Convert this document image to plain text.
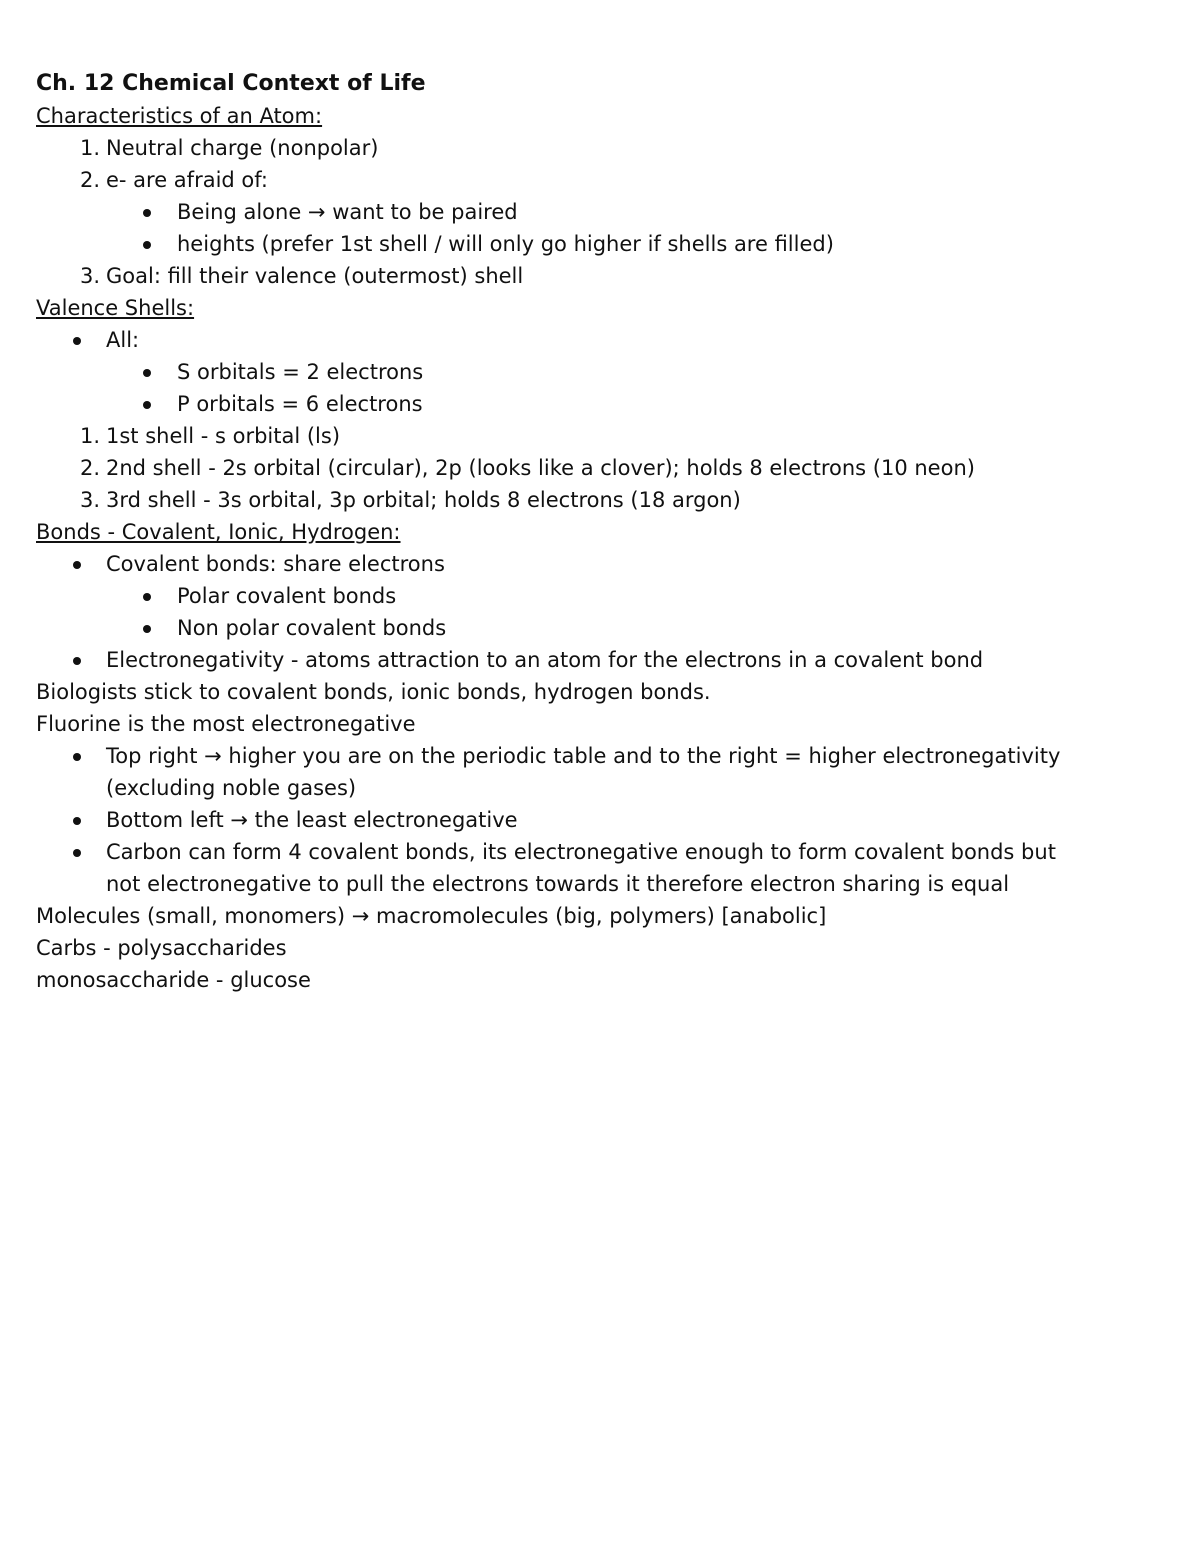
Ch. 12 Chemical Context of Life
Characteristics of an Atom:
1. Neutral charge (nonpolar)
2. e- are afraid of:
Being alone → want to be paired
heights (prefer 1st shell / will only go higher if shells are filled)
3. Goal: fill their valence (outermost) shell
Valence Shells:
All:
S orbitals = 2 electrons
P orbitals = 6 electrons
1. 1st shell - s orbital (ls)
2. 2nd shell - 2s orbital (circular), 2p (looks like a clover); holds 8 electrons (10 neon)
3. 3rd shell - 3s orbital, 3p orbital; holds 8 electrons (18 argon)
Bonds - Covalent, Ionic, Hydrogen:
Covalent bonds: share electrons
Polar covalent bonds
Non polar covalent bonds
Electronegativity - atoms attraction to an atom for the electrons in a covalent bond
Biologists stick to covalent bonds, ionic bonds, hydrogen bonds.
Fluorine is the most electronegative
Top right → higher you are on the periodic table and to the right = higher electronegativity
(excluding noble gases)
Bottom left → the least electronegative
Carbon can form 4 covalent bonds, its electronegative enough to form covalent bonds but
not electronegative to pull the electrons towards it therefore electron sharing is equal
Molecules (small, monomers) → macromolecules (big, polymers) [anabolic]
Carbs - polysaccharides
monosaccharide - glucose
